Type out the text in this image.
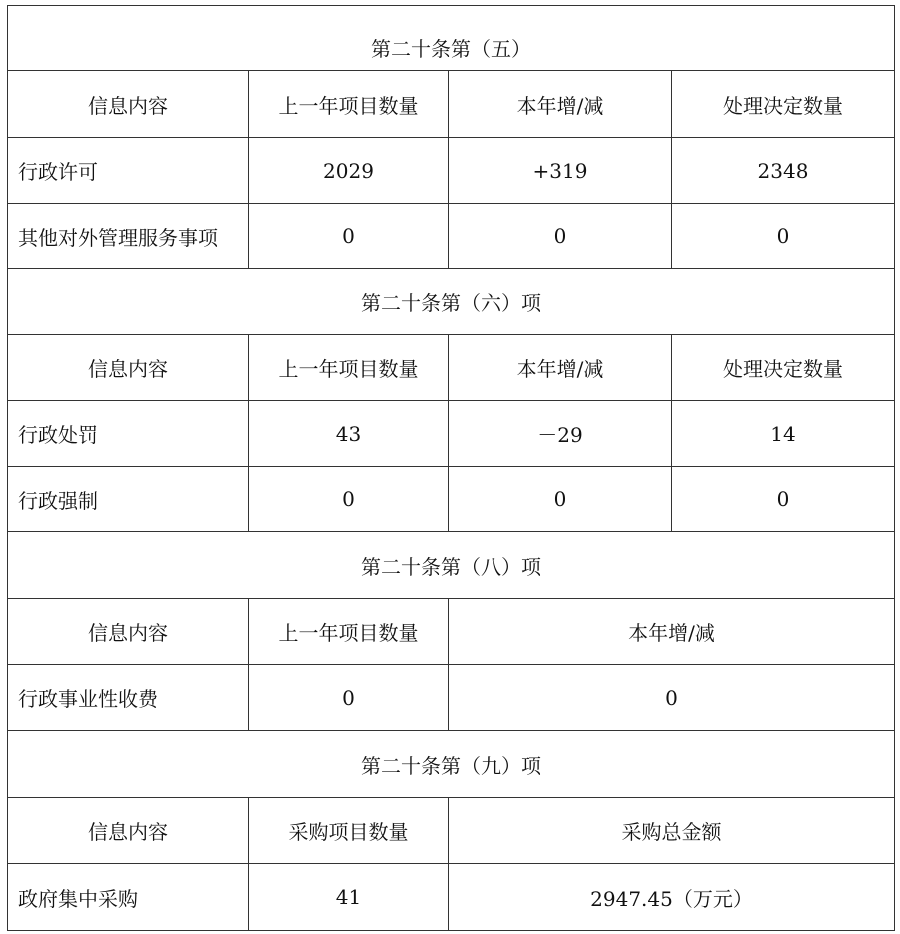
第二十条第（五）			
信息内容	上一年项目数量	本年增/减	处理决定数量
行政许可	2029	+319	2348
其他对外管理服务事项	0	0	0
第二十条第（六）项			
信息内容	上一年项目数量	本年增/减	处理决定数量
行政处罚	43	－29	14
行政强制	0	0	0
第二十条第（八）项			
信息内容	上一年项目数量	本年增/减	
行政事业性收费	0	0	
第二十条第（九）项			
信息内容	采购项目数量	采购总金额	
政府集中采购	41	2947.45（万元）	
